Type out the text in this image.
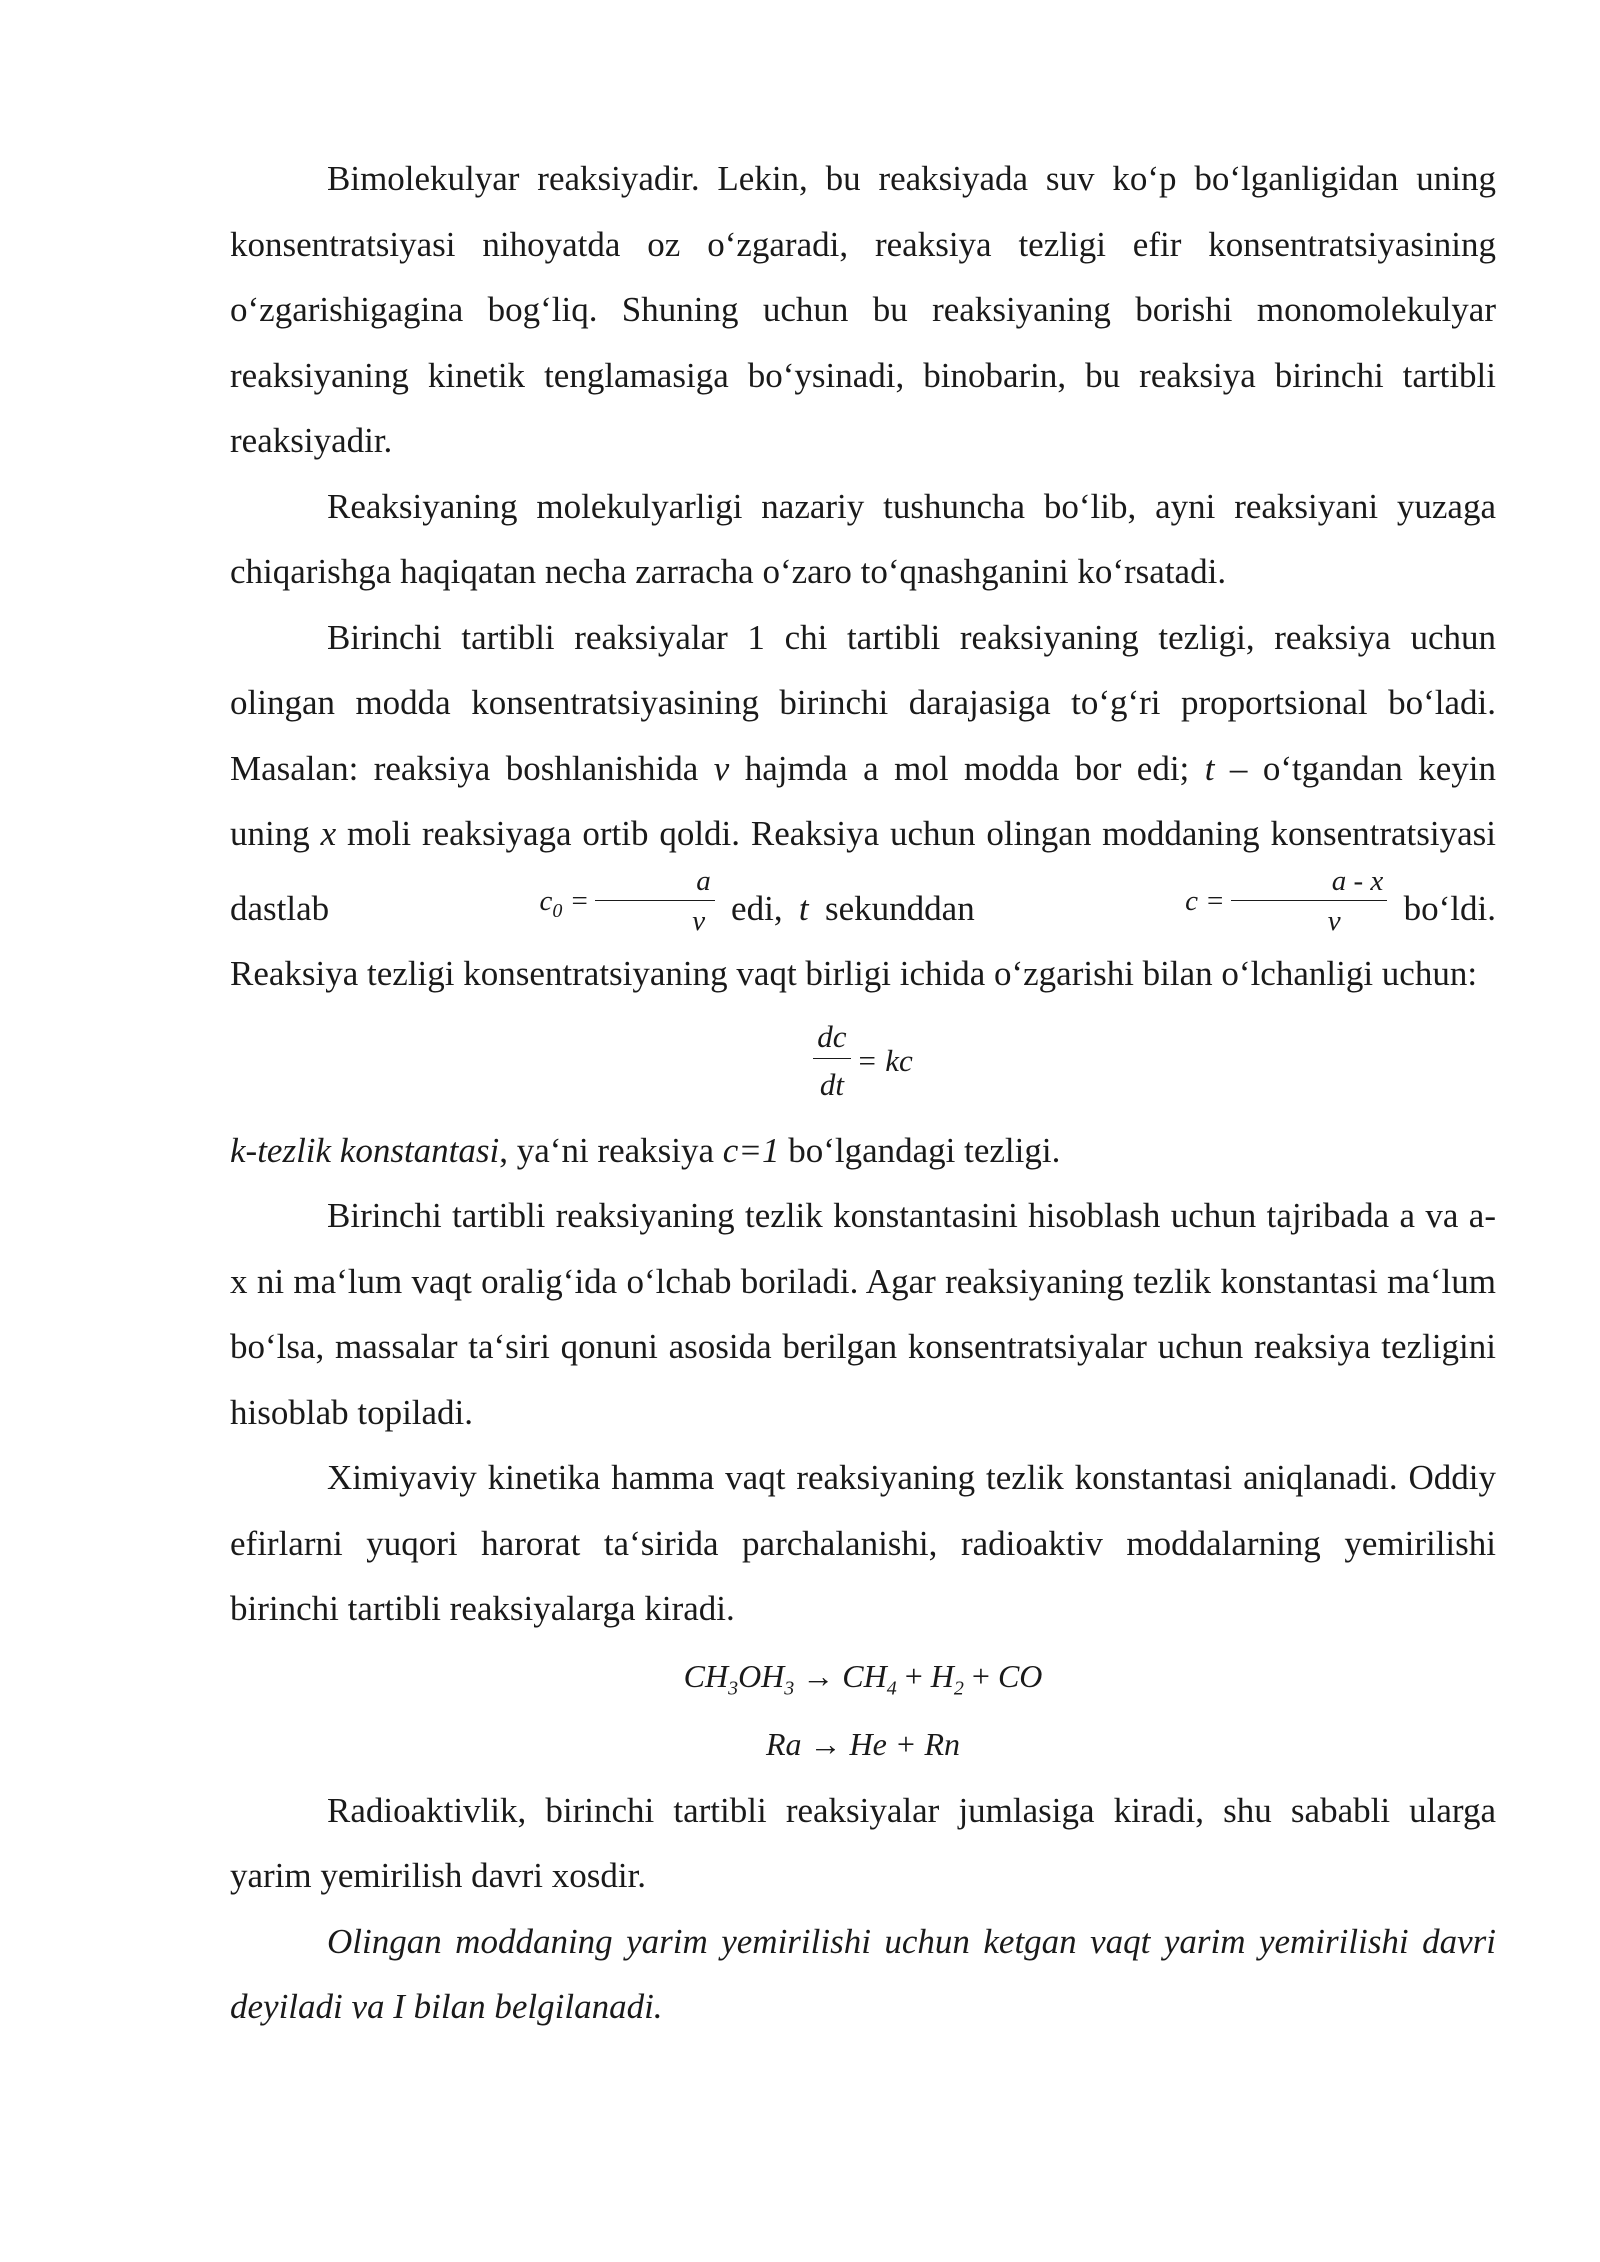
Bimolekulyar reaksiyadir. Lekin, bu reaksiyada suv ko‘p bo‘lganligidan uning konsentratsiyasi nihoyatda oz o‘zgaradi, reaksiya tezligi efir konsentratsiyasining o‘zgarishigagina bog‘liq. Shuning uchun bu reaksiyaning borishi monomolekulyar reaksiyaning kinetik tenglamasiga bo‘ysinadi, binobarin, bu reaksiya birinchi tartibli reaksiyadir.

Reaksiyaning molekulyarligi nazariy tushuncha bo‘lib, ayni reaksiyani yuzaga chiqarishga haqiqatan necha zarracha o‘zaro to‘qnashganini ko‘rsatadi.

Birinchi tartibli reaksiyalar 1 chi tartibli reaksiyaning tezligi, reaksiya uchun olingan modda konsentratsiyasining birinchi darajasiga to‘g‘ri proportsional bo‘ladi. Masalan: reaksiya boshlanishida v hajmda a mol modda bor edi; t – o‘tgandan keyin uning x moli reaksiyaga ortib qoldi. Reaksiya uchun olingan moddaning konsentratsiyasi dastlab	$c_0 = \frac{a}{v}$ edi, t sekunddan	$c = \frac{a - x}{v}$ bo‘ldi. Reaksiya tezligi konsentratsiyaning vaqt birligi ichida o‘zgarishi bilan o‘lchanligi uchun:

$\frac{dc}{dt}$ = kc

k-tezlik konstantasi, ya‘ni reaksiya c=1 bo‘lgandagi tezligi.

Birinchi tartibli reaksiyaning tezlik konstantasini hisoblash uchun tajribada a va a-x ni ma‘lum vaqt oralig‘ida o‘lchab boriladi. Agar reaksiyaning tezlik konstantasi ma‘lum bo‘lsa, massalar ta‘siri qonuni asosida berilgan konsentratsiyalar uchun reaksiya tezligini hisoblab topiladi.

Ximiyaviy kinetika hamma vaqt reaksiyaning tezlik konstantasi aniqlanadi. Oddiy efirlarni yuqori harorat ta‘sirida parchalanishi, radioaktiv moddalarning yemirilishi birinchi tartibli reaksiyalarga kiradi.

$CH_3OH_3 \to CH_4 + H_2$ + CO
Ra → He + Rn

Radioaktivlik, birinchi tartibli reaksiyalar jumlasiga kiradi, shu sababli ularga yarim yemirilish davri xosdir.

Olingan moddaning yarim yemirilishi uchun ketgan vaqt yarim yemirilishi davri deyiladi va I bilan belgilanadi.
